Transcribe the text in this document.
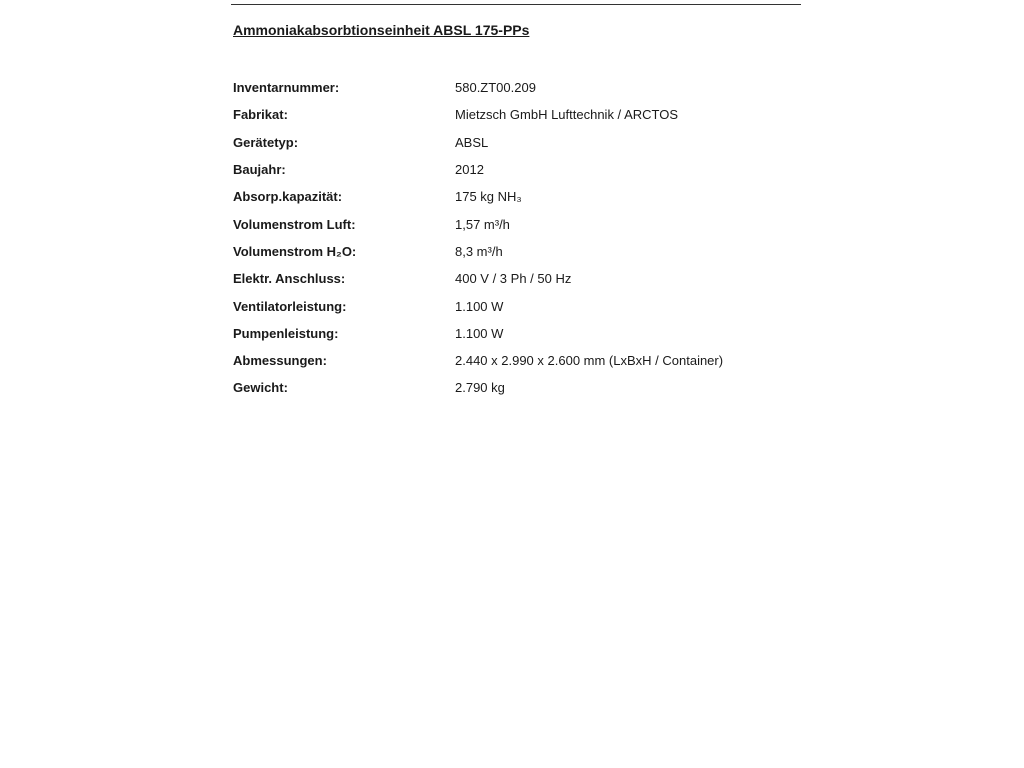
Ammoniakabsorbtionseinheit ABSL 175-PPs
Inventarnummer:	580.ZT00.209
Fabrikat:	Mietzsch GmbH Lufttechnik / ARCTOS
Gerätetyp:	ABSL
Baujahr:	2012
Absorp.kapazität:	175 kg NH₃
Volumenstrom Luft:	1,57 m³/h
Volumenstrom H₂O:	8,3 m³/h
Elektr. Anschluss:	400 V / 3 Ph / 50 Hz
Ventilatorleistung:	1.100 W
Pumpenleistung:	1.100 W
Abmessungen:	2.440 x 2.990 x 2.600 mm (LxBxH / Container)
Gewicht:	2.790 kg
